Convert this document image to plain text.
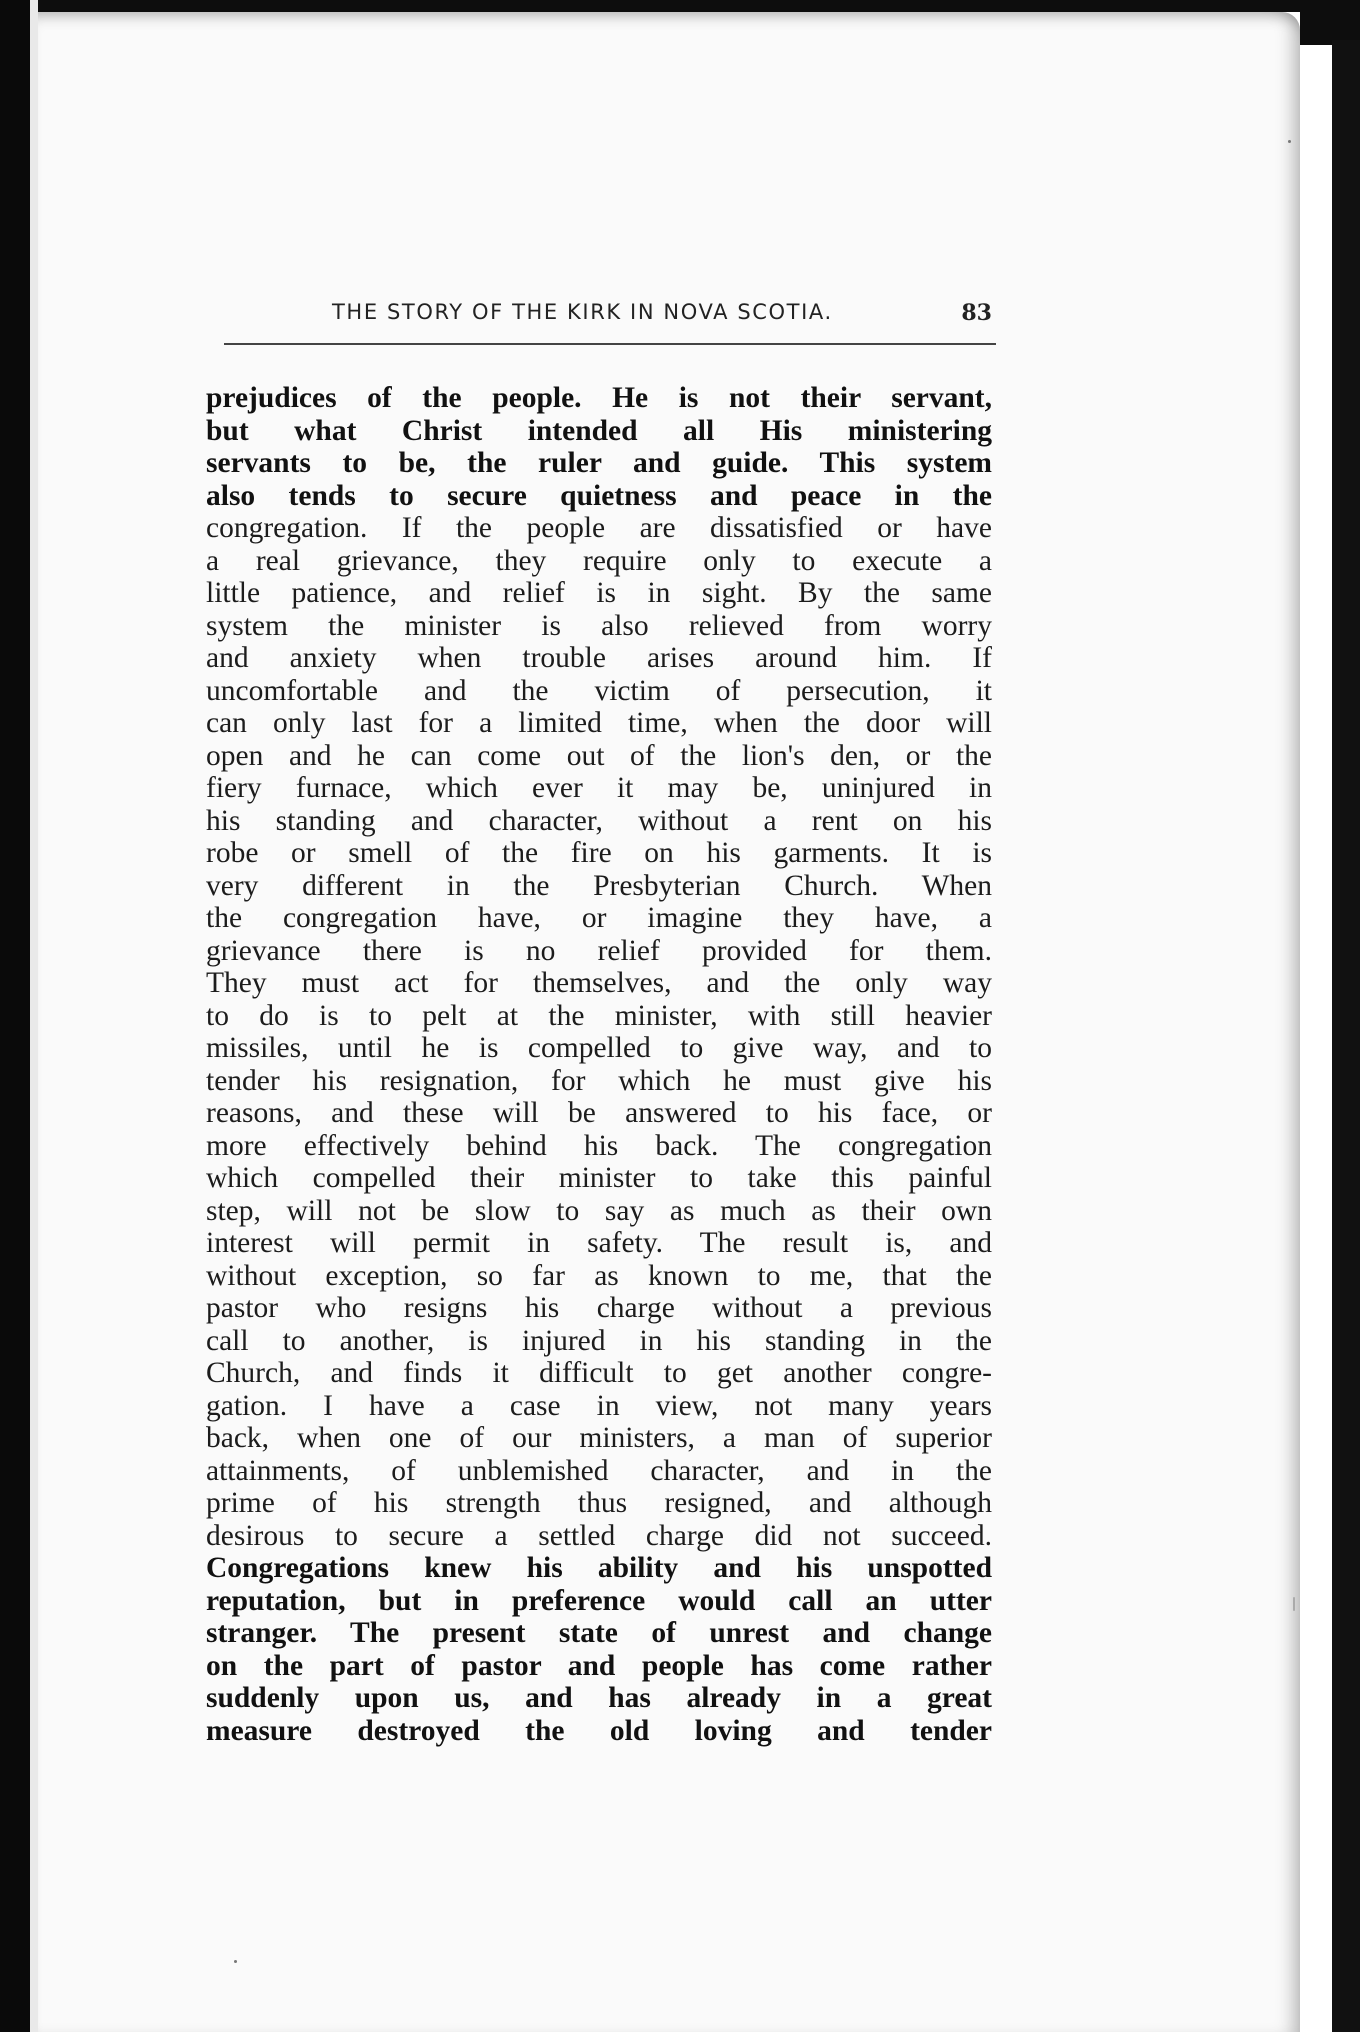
THE STORY OF THE KIRK IN NOVA SCOTIA.	83
prejudices of the people. He is not their servant,
but what Christ intended all His ministering
servants to be, the ruler and guide. This system
also tends to secure quietness and peace in the
congregation. If the people are dissatisfied or have
a real grievance, they require only to execute a
little patience, and relief is in sight. By the same
system the minister is also relieved from worry
and anxiety when trouble arises around him. If
uncomfortable and the victim of persecution, it
can only last for a limited time, when the door will
open and he can come out of the lion's den, or the
fiery furnace, which ever it may be, uninjured in
his standing and character, without a rent on his
robe or smell of the fire on his garments. It is
very different in the Presbyterian Church. When
the congregation have, or imagine they have, a
grievance there is no relief provided for them.
They must act for themselves, and the only way
to do is to pelt at the minister, with still heavier
missiles, until he is compelled to give way, and to
tender his resignation, for which he must give his
reasons, and these will be answered to his face, or
more effectively behind his back. The congregation
which compelled their minister to take this painful
step, will not be slow to say as much as their own
interest will permit in safety. The result is, and
without exception, so far as known to me, that the
pastor who resigns his charge without a previous
call to another, is injured in his standing in the
Church, and finds it difficult to get another congre-
gation. I have a case in view, not many years
back, when one of our ministers, a man of superior
attainments, of unblemished character, and in the
prime of his strength thus resigned, and although
desirous to secure a settled charge did not succeed.
Congregations knew his ability and his unspotted
reputation, but in preference would call an utter
stranger. The present state of unrest and change
on the part of pastor and people has come rather
suddenly upon us, and has already in a great
measure destroyed the old loving and tender
